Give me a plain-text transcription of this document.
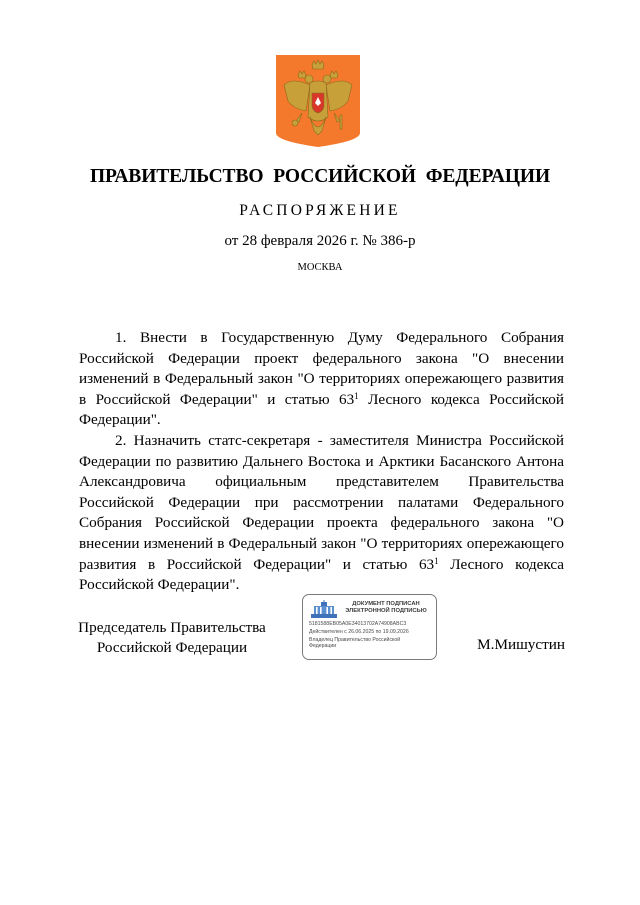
ПРАВИТЕЛЬСТВО РОССИЙСКОЙ ФЕДЕРАЦИИ
РАСПОРЯЖЕНИЕ
от 28 февраля 2026 г. № 386-р
МОСКВА

1. Внести в Государственную Думу Федерального Собрания Российской Федерации проект федерального закона "О внесении изменений в Федеральный закон "О территориях опережающего развития в Российской Федерации" и статью $63^1$ Лесного кодекса Российской Федерации".

2. Назначить статс-секретаря - заместителя Министра Российской Федерации по развитию Дальнего Востока и Арктики Басанского Антона Александровича официальным представителем Правительства Российской Федерации при рассмотрении палатами Федерального Собрания Российской Федерации проекта федерального закона "О внесении изменений в Федеральный закон "О территориях опережающего развития в Российской Федерации" и статью $63^1$ Лесного кодекса Российской Федерации".

Председатель Правительства
Российской Федерации
ДОКУМЕНТ ПОДПИСАН
ЭЛЕКТРОННОЙ ПОДПИСЬЮ
5181588EB05A0E34013702A74908ABC3
Действителен с 26.06.2025 по 19.09.2026
Владелец Правительство Российской
Федерации	М.Мишустин
